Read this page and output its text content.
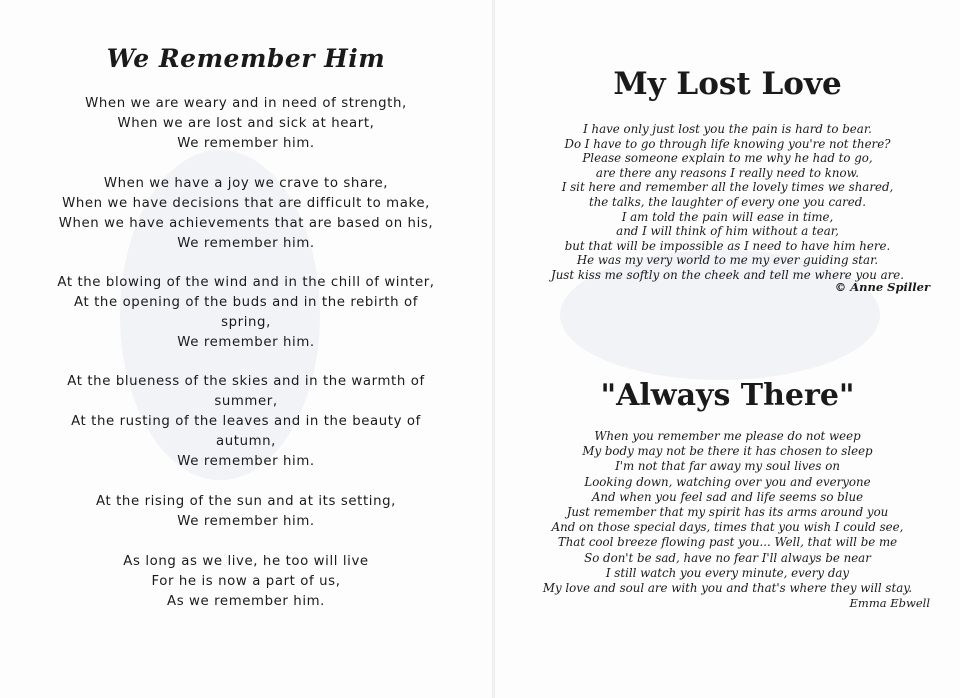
We Remember Him

When we are weary and in need of strength,
When we are lost and sick at heart,
We remember him.

When we have a joy we crave to share,
When we have decisions that are difficult to make,
When we have achievements that are based on his,
We remember him.

At the blowing of the wind and in the chill of winter,
At the opening of the buds and in the rebirth of
spring,
We remember him.

At the blueness of the skies and in the warmth of
summer,
At the rusting of the leaves and in the beauty of
autumn,
We remember him.

At the rising of the sun and at its setting,
We remember him.

As long as we live, he too will live
For he is now a part of us,
As we remember him.

My Lost Love

I have only just lost you the pain is hard to bear.
Do I have to go through life knowing you're not there?
Please someone explain to me why he had to go,
are there any reasons I really need to know.
I sit here and remember all the lovely times we shared,
the talks, the laughter of every one you cared.
I am told the pain will ease in time,
and I will think of him without a tear,
but that will be impossible as I need to have him here.
He was my very world to me my ever guiding star.
Just kiss me softly on the cheek and tell me where you are.

© Anne Spiller
"Always There"

When you remember me please do not weep
My body may not be there it has chosen to sleep
I'm not that far away my soul lives on
Looking down, watching over you and everyone
And when you feel sad and life seems so blue
Just remember that my spirit has its arms around you
And on those special days, times that you wish I could see,
That cool breeze flowing past you... Well, that will be me
So don't be sad, have no fear I'll always be near
I still watch you every minute, every day
My love and soul are with you and that's where they will stay.

Emma Ebwell
